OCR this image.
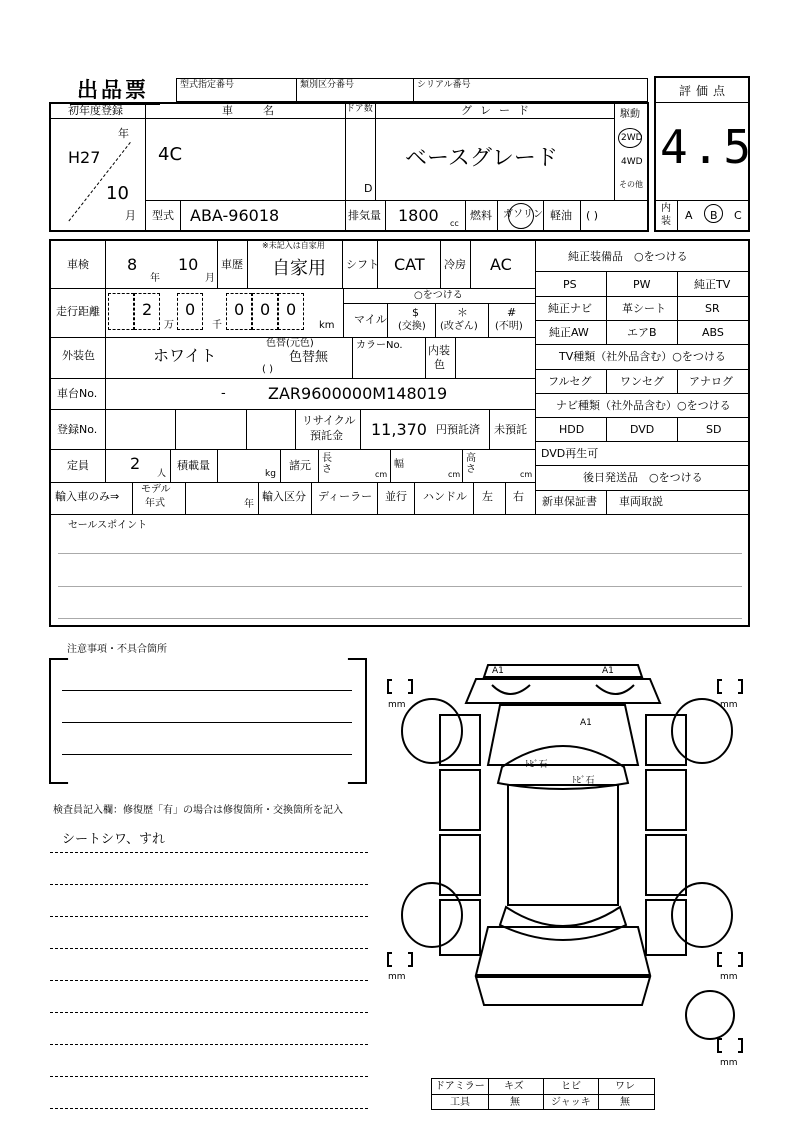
出品票	型式指定番号	類別区分番号	シリアル番号	評価点
4.5
内
装 A B C
初年度登録
H27
年
10
月
車名
4C
ドア数
D
グレード
ベースグレード
駆動
2WD
4WD
その他
型式 ABA-96018	排気量 1800 cc
燃料 ガソリン 軽油 ( )
車検 8
年
10
月
車歴
※未記入は自家用
自家用 シフト CAT 冷房 AC
走行距離	2 0 0 0 0
万	千	km
○をつける
マイル
$
(交換)
＊
(改ざん)
#
(不明)
外装色	ホワイト
色替(元色)
色替無
( )
カラーNo. 内装
色
車台No.	-	ZAR9600000M148019
登録No.
リサイクル
預託金 11,370 円預託済 未預託
定員	2
人
積載量
kg
諸元
長さ	cm
幅
cm
高さ	cm
輸入車のみ⇒
モデル
年式	年
輸入区分 ディーラー 並行 ハンドル 左 右
純正装備品　○をつける
PS	PW	純正TV
純正ナビ	革シート	SR
純正AW	エアB	ABS
TV種類（社外品含む）○をつける
フルセグ	ワンセグ アナログ
ナビ種類（社外品含む）○をつける
HDD	DVD	SD
DVD再生可
後日発送品　○をつける
新車保証書 車両取説
セールスポイント
注意事項・不具合箇所
検査員記入欄：修復歴「有」の場合は修復箇所・交換箇所を記入
シートシワ、すれ
A1	A1
A1
ﾄﾋﾞ石
ﾄﾋﾞ石
mm	mm
mm	mm
mm
ドアミラー キズ	ヒビ	ワレ
工具	無	ジャッキ	無
